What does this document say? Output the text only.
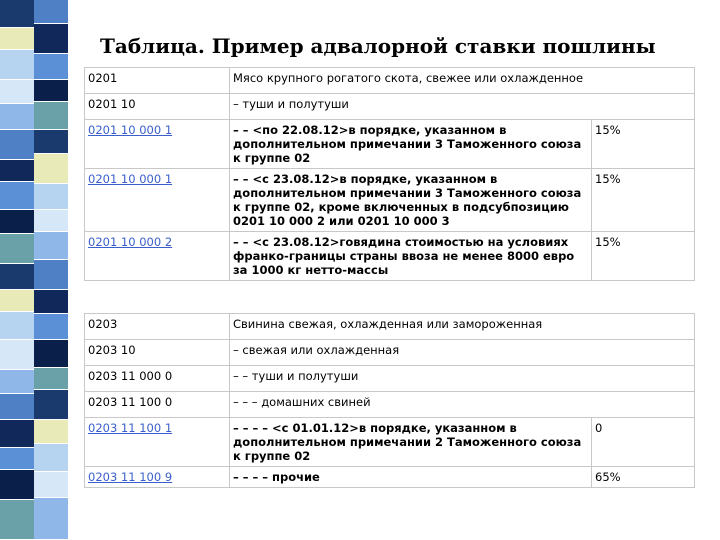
Таблица. Пример адвалорной ставки пошлины
0201	Мясо крупного рогатого скота, свежее или охлажденное	
0201 10	– туши и полутуши	
0201 10 000 1	– – <по 22.08.12>в порядке, указанном в дополнительном примечании 3 Таможенного союза к группе 02	15%
0201 10 000 1	– – <с 23.08.12>в порядке, указанном в дополнительном примечании 3 Таможенного союза к группе 02, кроме включенных в подсубпозицию 0201 10 000 2 или 0201 10 000 3	15%
0201 10 000 2	– – <с 23.08.12>говядина стоимостью на условиях франко-границы страны ввоза не менее 8000 евро за 1000 кг нетто-массы	15%
0203	Свинина свежая, охлажденная или замороженная	
0203 10	– свежая или охлажденная	
0203 11 000 0	– – туши и полутуши	
0203 11 100 0	– – – домашних свиней	
0203 11 100 1	– – – – <с 01.01.12>в порядке, указанном в дополнительном примечании 2 Таможенного союза к группе 02	0
0203 11 100 9	– – – – прочие	65%
